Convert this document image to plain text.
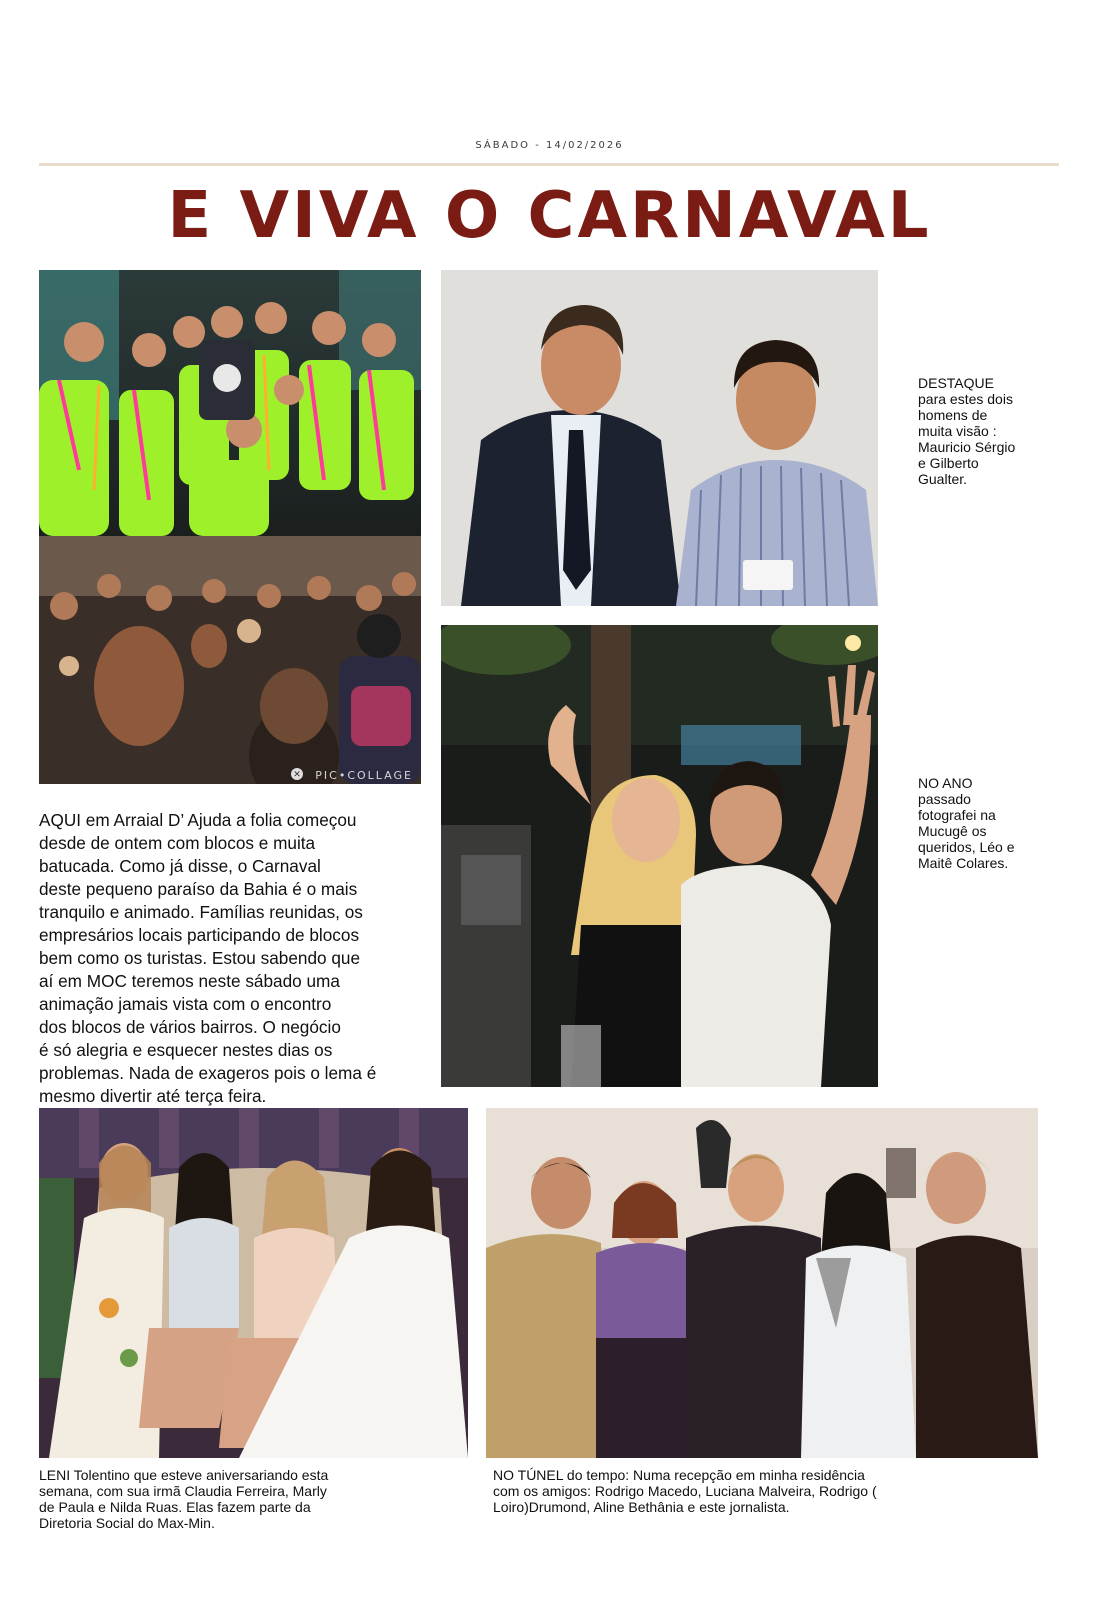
SÁBADO - 14/02/2026
E VIVA O CARNAVAL
✕ PIC•COLLAGE

AQUI em Arraial D’ Ajuda a folia começou

desde de ontem com blocos e muita

batucada. Como já disse, o Carnaval

deste pequeno paraíso da Bahia é o mais

tranquilo e animado. Famílias reunidas, os

empresários locais participando de blocos

bem como os turistas. Estou sabendo que

aí em MOC teremos neste sábado uma

animação jamais vista com o encontro

dos blocos de vários bairros. O negócio

é só alegria e esquecer nestes dias os

problemas. Nada de exageros pois o lema é

mesmo divertir até terça feira.

DESTAQUE
para estes dois
homens de
muita visão :
Mauricio Sérgio
e Gilberto
Gualter.
NO ANO
passado
fotografei na
Mucugê os
queridos, Léo e
Maitê Colares.
LENI Tolentino que esteve aniversariando esta
semana, com sua irmã Claudia Ferreira, Marly
de Paula e Nilda Ruas. Elas fazem parte da
Diretoria Social do Max-Min.
NO TÚNEL do tempo: Numa recepção em minha residência
com os amigos: Rodrigo Macedo, Luciana Malveira, Rodrigo (
Loiro)Drumond, Aline Bethânia e este jornalista.
